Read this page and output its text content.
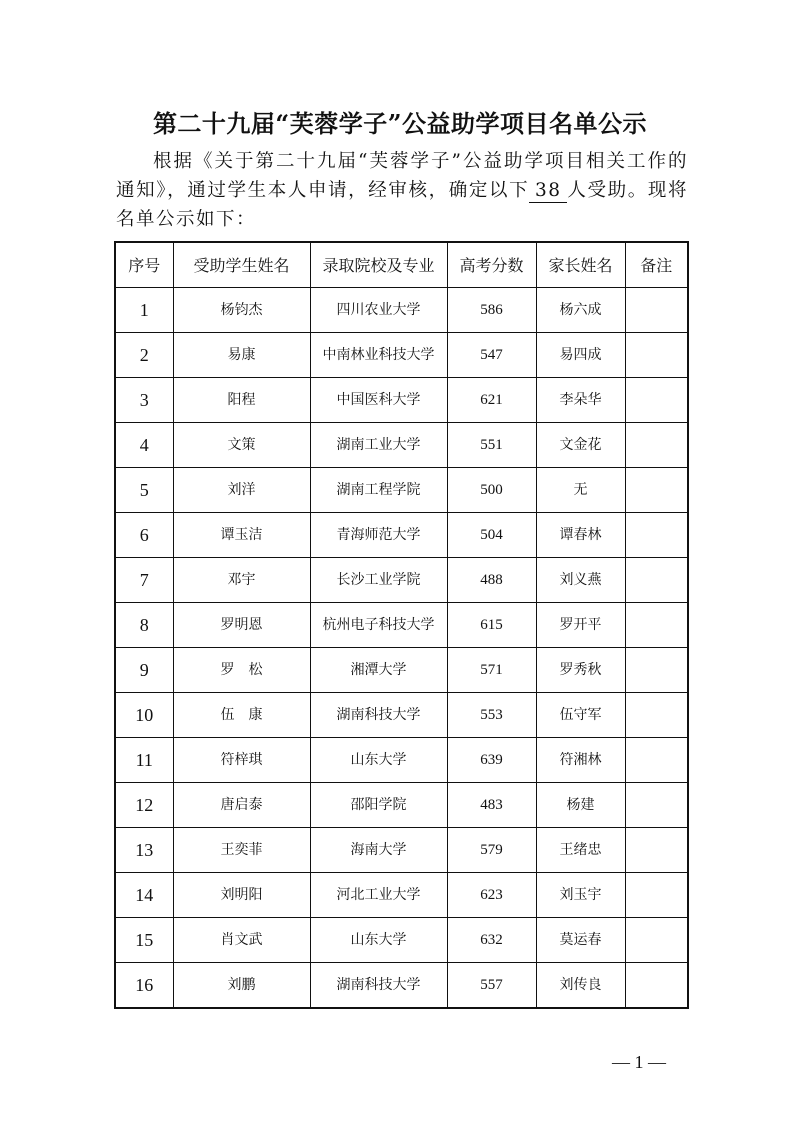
第二十九届“芙蓉学子”公益助学项目名单公示
根据《关于第二十九届“芙蓉学子”公益助学项目相关工作的通知》，通过学生本人申请，经审核，确定以下 38 人受助。现将名单公示如下：
序号	受助学生姓名	录取院校及专业	高考分数	家长姓名	备注
1	杨钧杰	四川农业大学	586	杨六成	
2	易康	中南林业科技大学	547	易四成	
3	阳程	中国医科大学	621	李朵华	
4	文策	湖南工业大学	551	文金花	
5	刘洋	湖南工程学院	500	无	
6	谭玉洁	青海师范大学	504	谭春林	
7	邓宇	长沙工业学院	488	刘义燕	
8	罗明恩	杭州电子科技大学	615	罗开平	
9	罗　松	湘潭大学	571	罗秀秋	
10	伍　康	湖南科技大学	553	伍守军	
11	符梓琪	山东大学	639	符湘林	
12	唐启泰	邵阳学院	483	杨建	
13	王奕菲	海南大学	579	王绪忠	
14	刘明阳	河北工业大学	623	刘玉宇	
15	肖文武	山东大学	632	莫运春	
16	刘鹏	湖南科技大学	557	刘传良	
— 1 —
